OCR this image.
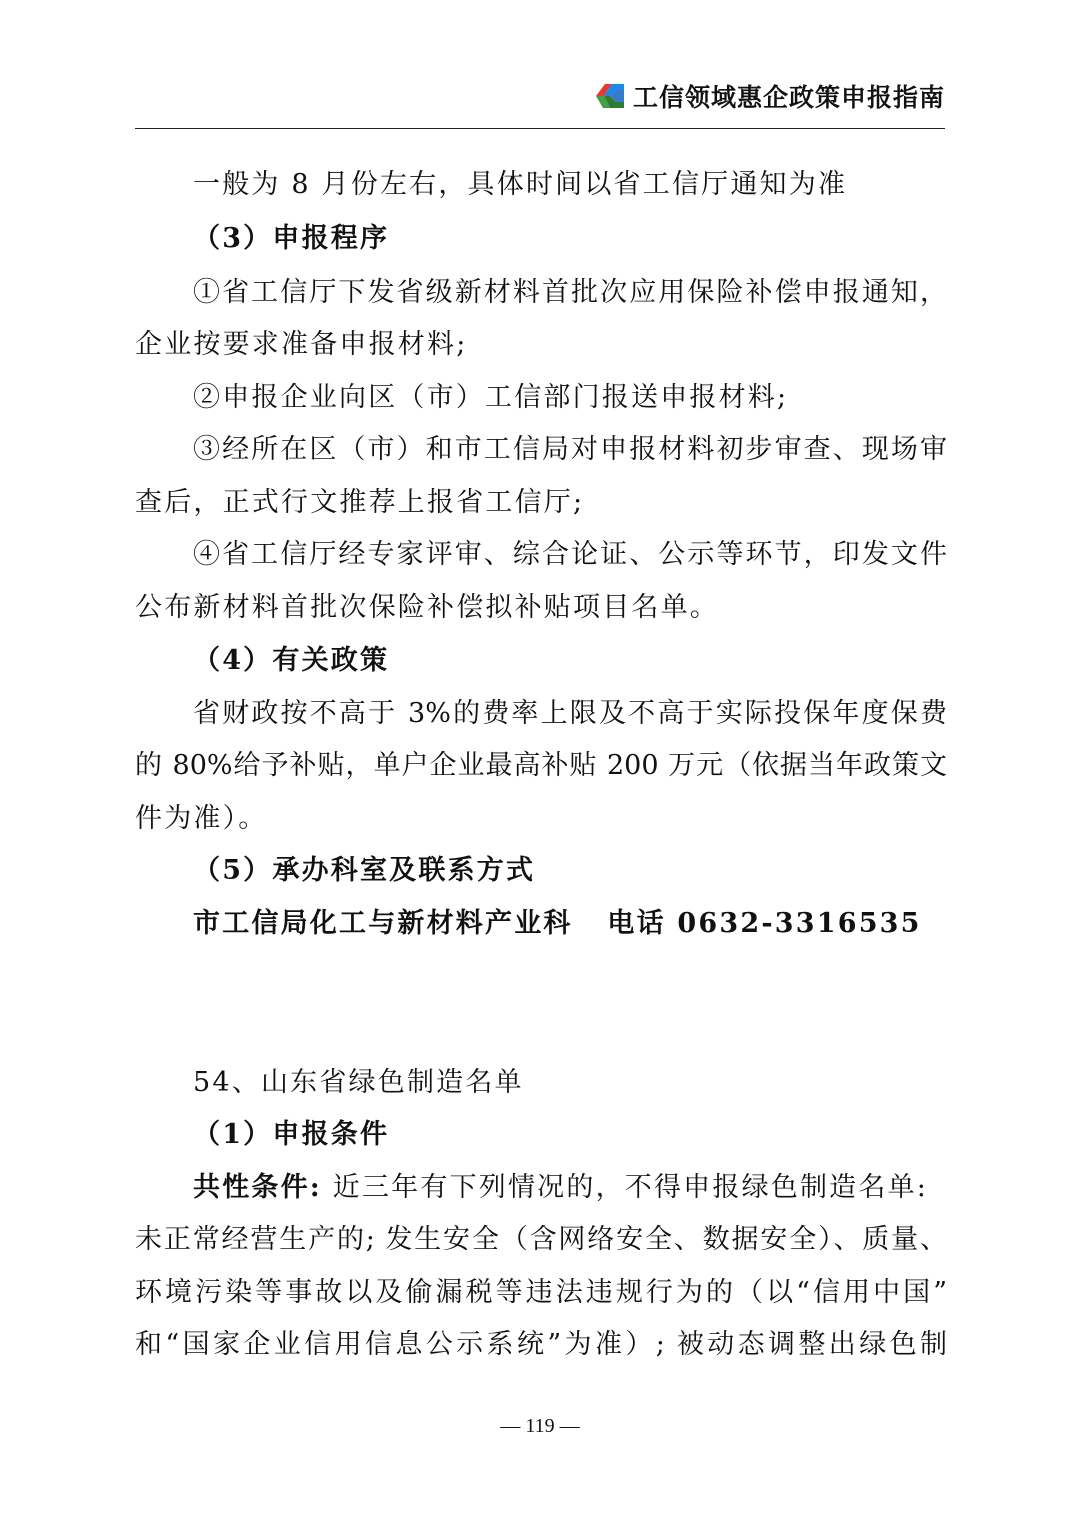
工信领域惠企政策申报指南
一般为 8 月份左右，具体时间以省工信厅通知为准
（3）申报程序
①省工信厅下发省级新材料首批次应用保险补偿申报通知，
企业按要求准备申报材料;
②申报企业向区（市）工信部门报送申报材料;
③经所在区（市）和市工信局对申报材料初步审查、现场审
查后，正式行文推荐上报省工信厅;
④省工信厅经专家评审、综合论证、公示等环节，印发文件
公布新材料首批次保险补偿拟补贴项目名单。
（4）有关政策
省财政按不高于 3%的费率上限及不高于实际投保年度保费
的 80%给予补贴，单户企业最高补贴 200 万元（依据当年政策文
件为准）。
（5）承办科室及联系方式
市工信局化工与新材料产业科   电话 0632-3316535
54、山东省绿色制造名单
（1）申报条件
共性条件: 近三年有下列情况的，不得申报绿色制造名单:
未正常经营生产的; 发生安全（含网络安全、数据安全）、质量、
环境污染等事故以及偷漏税等违法违规行为的（以“信用中国”
和“国家企业信用信息公示系统”为准）; 被动态调整出绿色制
— 119 —
